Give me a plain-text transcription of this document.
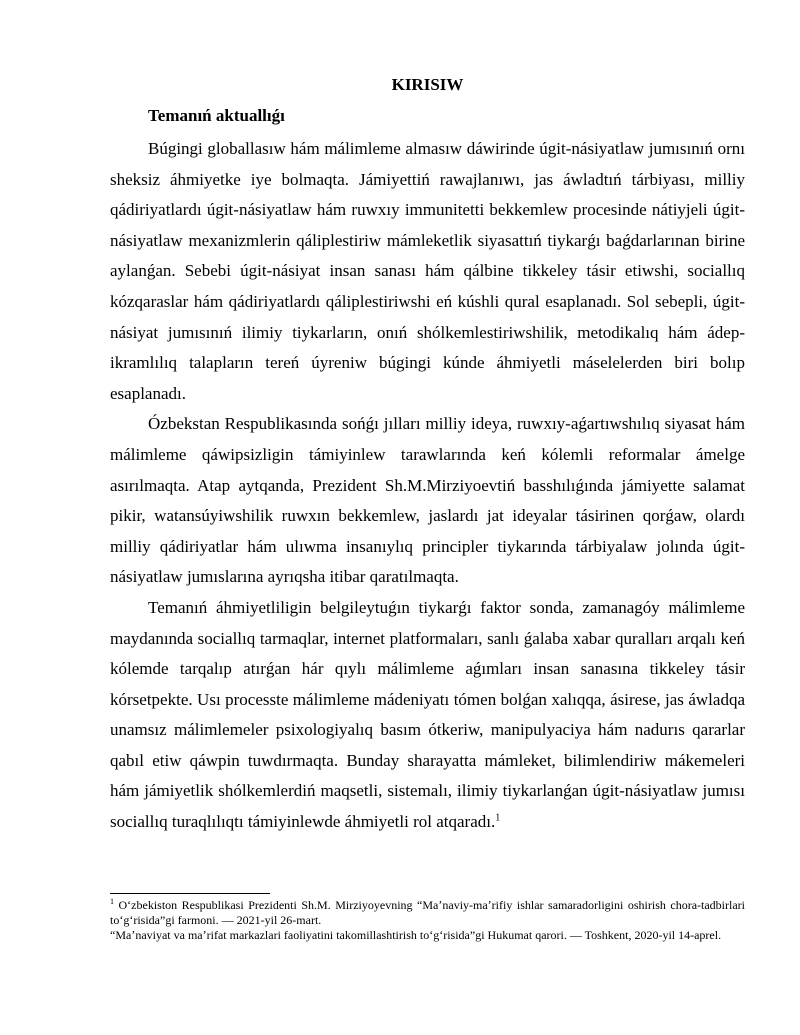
KIRISIW
Temanıń aktuallıǵı

Búgingi globallasıw hám málimleme almasıw dáwirinde úgit-násiyatlaw jumısınıń ornı sheksiz áhmiyetke iye bolmaqta. Jámiyettiń rawajlanıwı, jas áwladtıń tárbiyası, milliy qádiriyatlardı úgit-násiyatlaw hám ruwxıy immunitetti bekkemlew procesinde nátiyjeli úgit-násiyatlaw mexanizmlerin qáliplestiriw mámleketlik siyasattıń tiykarǵı baǵdarlarınan birine aylanǵan. Sebebi úgit-násiyat insan sanası hám qálbine tikkeley tásir etiwshi, sociallıq kózqaraslar hám qádiriyatlardı qáliplestiriwshi eń kúshli qural esaplanadı. Sol sebepli, úgit-násiyat jumısınıń ilimiy tiykarların, onıń shólkemlestiriwshilik, metodikalıq hám ádep-ikramlılıq talapların tereń úyreniw búgingi kúnde áhmiyetli máselelerden biri bolıp esaplanadı.

Ózbekstan Respublikasında sońǵı jılları milliy ideya, ruwxıy-aǵartıwshılıq siyasat hám málimleme qáwipsizligin támiyinlew tarawlarında keń kólemli reformalar ámelge asırılmaqta. Atap aytqanda, Prezident Sh.M.Mirziyoevtiń basshılıǵında jámiyette salamat pikir, watansúyiwshilik ruwxın bekkemlew, jaslardı jat ideyalar tásirinen qorǵaw, olardı milliy qádiriyatlar hám ulıwma insanıylıq principler tiykarında tárbiyalaw jolında úgit-násiyatlaw jumıslarına ayrıqsha itibar qaratılmaqta.

Temanıń áhmiyetliligin belgileytuǵın tiykarǵı faktor sonda, zamanagóy málimleme maydanında sociallıq tarmaqlar, internet platformaları, sanlı ǵalaba xabar quralları arqalı keń kólemde tarqalıp atırǵan hár qıylı málimleme aǵımları insan sanasına tikkeley tásir kórsetpekte. Usı processte málimleme mádeniyatı tómen bolǵan xalıqqa, ásirese, jas áwladqa unamsız málimlemeler psixologiyalıq basım ótkeriw, manipulyaciya hám nadurıs qararlar qabıl etiw qáwpin tuwdırmaqta. Bunday sharayatta mámleket, bilimlendiriw mákemeleri hám jámiyetlik shólkemlerdiń maqsetli, sistemalı, ilimiy tiykarlanǵan úgit-násiyatlaw jumısı sociallıq turaqlılıqtı támiyinlewde áhmiyetli rol atqaradı.$^1$

$^1$ Oʻzbekiston Respublikasi Prezidenti Sh.M. Mirziyoyevning “Maʼnaviy-maʼrifiy ishlar samaradorligini oshirish chora-tadbirlari toʻgʻrisida”gi farmoni. — 2021-yil 26-mart.

“Maʼnaviyat va maʼrifat markazlari faoliyatini takomillashtirish toʻgʻrisida”gi Hukumat qarori. — Toshkent, 2020-yil 14-aprel.
